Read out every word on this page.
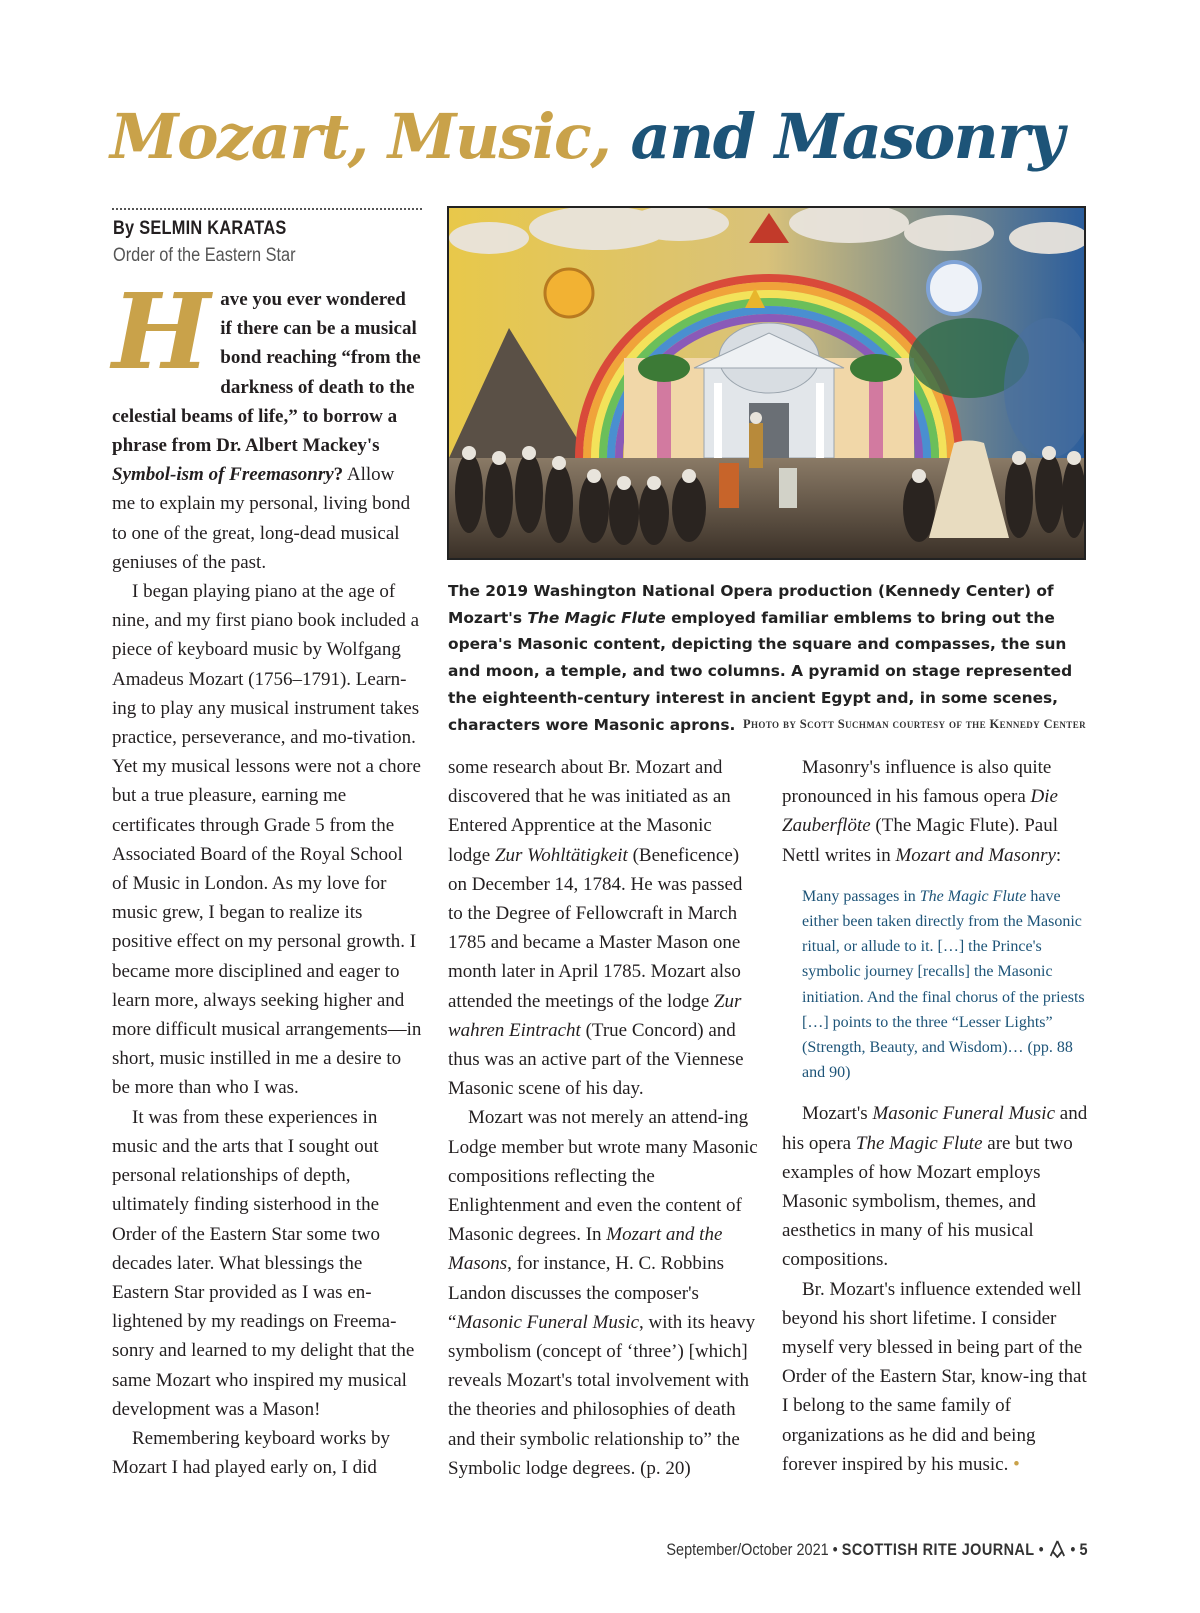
Mozart, Music, and Masonry
By SELMIN KARATAS
Order of the Eastern Star

Have you ever wondered if there can be a musical bond reaching “from the darkness of death to the celestial beams of life,” to borrow a phrase from Dr. Albert Mackey's Symbol-ism of Freemasonry? Allow me to explain my personal, living bond to one of the great, long-dead musical geniuses of the past.

I began playing piano at the age of nine, and my first piano book included a piece of keyboard music by Wolfgang Amadeus Mozart (1756–1791). Learn-ing to play any musical instrument takes practice, perseverance, and mo-tivation. Yet my musical lessons were not a chore but a true pleasure, earning me certificates through Grade 5 from the Associated Board of the Royal School of Music in London. As my love for music grew, I began to realize its positive effect on my personal growth. I became more disciplined and eager to learn more, always seeking higher and more difficult musical arrangements—in short, music instilled in me a desire to be more than who I was.

It was from these experiences in music and the arts that I sought out personal relationships of depth, ultimately finding sisterhood in the Order of the Eastern Star some two decades later. What blessings the Eastern Star provided as I was en-lightened by my readings on Freema-sonry and learned to my delight that the same Mozart who inspired my musical development was a Mason!

Remembering keyboard works by Mozart I had played early on, I did

The 2019 Washington National Opera production (Kennedy Center) of Mozart's The Magic Flute employed familiar emblems to bring out the opera's Masonic content, depicting the square and compasses, the sun and moon, a temple, and two columns. A pyramid on stage represented the eighteenth-century interest in ancient Egypt and, in some scenes, characters wore Masonic aprons. Photo by Scott Suchman courtesy of the Kennedy Center

some research about Br. Mozart and discovered that he was initiated as an Entered Apprentice at the Masonic lodge Zur Wohltätigkeit (Beneficence) on December 14, 1784. He was passed to the Degree of Fellowcraft in March 1785 and became a Master Mason one month later in April 1785. Mozart also attended the meetings of the lodge Zur wahren Eintracht (True Concord) and thus was an active part of the Viennese Masonic scene of his day.

Mozart was not merely an attend-ing Lodge member but wrote many Masonic compositions reflecting the Enlightenment and even the content of Masonic degrees. In Mozart and the Masons, for instance, H. C. Robbins Landon discusses the composer's “Masonic Funeral Music, with its heavy symbolism (concept of ‘three’) [which] reveals Mozart's total involvement with the theories and philosophies of death and their symbolic relationship to” the Symbolic lodge degrees. (p. 20)

Masonry's influence is also quite pronounced in his famous opera Die Zauberflöte (The Magic Flute). Paul Nettl writes in Mozart and Masonry:

Many passages in The Magic Flute have either been taken directly from the Masonic ritual, or allude to it. […] the Prince's symbolic journey [recalls] the Masonic initiation. And the final chorus of the priests […] points to the three “Lesser Lights” (Strength, Beauty, and Wisdom)… (pp. 88 and 90)

Mozart's Masonic Funeral Music and his opera The Magic Flute are but two examples of how Mozart employs Masonic symbolism, themes, and aesthetics in many of his musical compositions.

Br. Mozart's influence extended well beyond his short lifetime. I consider myself very blessed in being part of the Order of the Eastern Star, know-ing that I belong to the same family of organizations as he did and being forever inspired by his music. •

September/October 2021 • SCOTTISH RITE JOURNAL • • 5
